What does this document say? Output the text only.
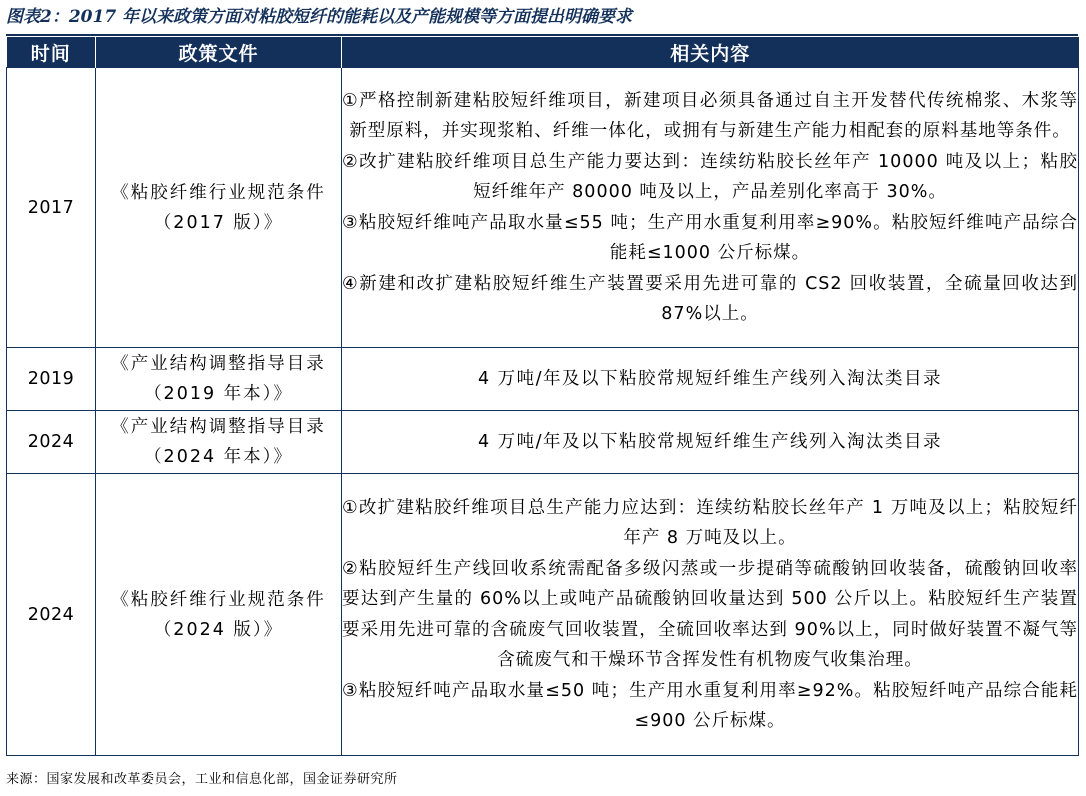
图表2：2017 年以来政策方面对粘胶短纤的能耗以及产能规模等方面提出明确要求
时间	政策文件	相关内容
2017	《粘胶纤维行业规范条件（2017 版）》	①严格控制新建粘胶短纤维项目，新建项目必须具备通过自主开发替代传统棉浆、木浆等新型原料，并实现浆粕、纤维一体化，或拥有与新建生产能力相配套的原料基地等条件。
②改扩建粘胶纤维项目总生产能力要达到：连续纺粘胶长丝年产 10000 吨及以上；粘胶短纤维年产 80000 吨及以上，产品差别化率高于 30%。
③粘胶短纤维吨产品取水量≤55 吨；生产用水重复利用率≥90%。粘胶短纤维吨产品综合能耗≤1000 公斤标煤。
④新建和改扩建粘胶短纤维生产装置要采用先进可靠的 CS2 回收装置，全硫量回收达到 87%以上。

2019	《产业结构调整指导目录（2019 年本）》	4 万吨/年及以下粘胶常规短纤维生产线列入淘汰类目录

2024	《产业结构调整指导目录（2024 年本）》	4 万吨/年及以下粘胶常规短纤维生产线列入淘汰类目录

2024	《粘胶纤维行业规范条件（2024 版）》	①改扩建粘胶纤维项目总生产能力应达到：连续纺粘胶长丝年产 1 万吨及以上；粘胶短纤年产 8 万吨及以上。
②粘胶短纤生产线回收系统需配备多级闪蒸或一步提硝等硫酸钠回收装备，硫酸钠回收率要达到产生量的 60%以上或吨产品硫酸钠回收量达到 500 公斤以上。粘胶短纤生产装置要采用先进可靠的含硫废气回收装置，全硫回收率达到 90%以上，同时做好装置不凝气等含硫废气和干燥环节含挥发性有机物废气收集治理。
③粘胶短纤吨产品取水量≤50 吨；生产用水重复利用率≥92%。粘胶短纤吨产品综合能耗≤900 公斤标煤。
来源：国家发展和改革委员会，工业和信息化部，国金证券研究所
